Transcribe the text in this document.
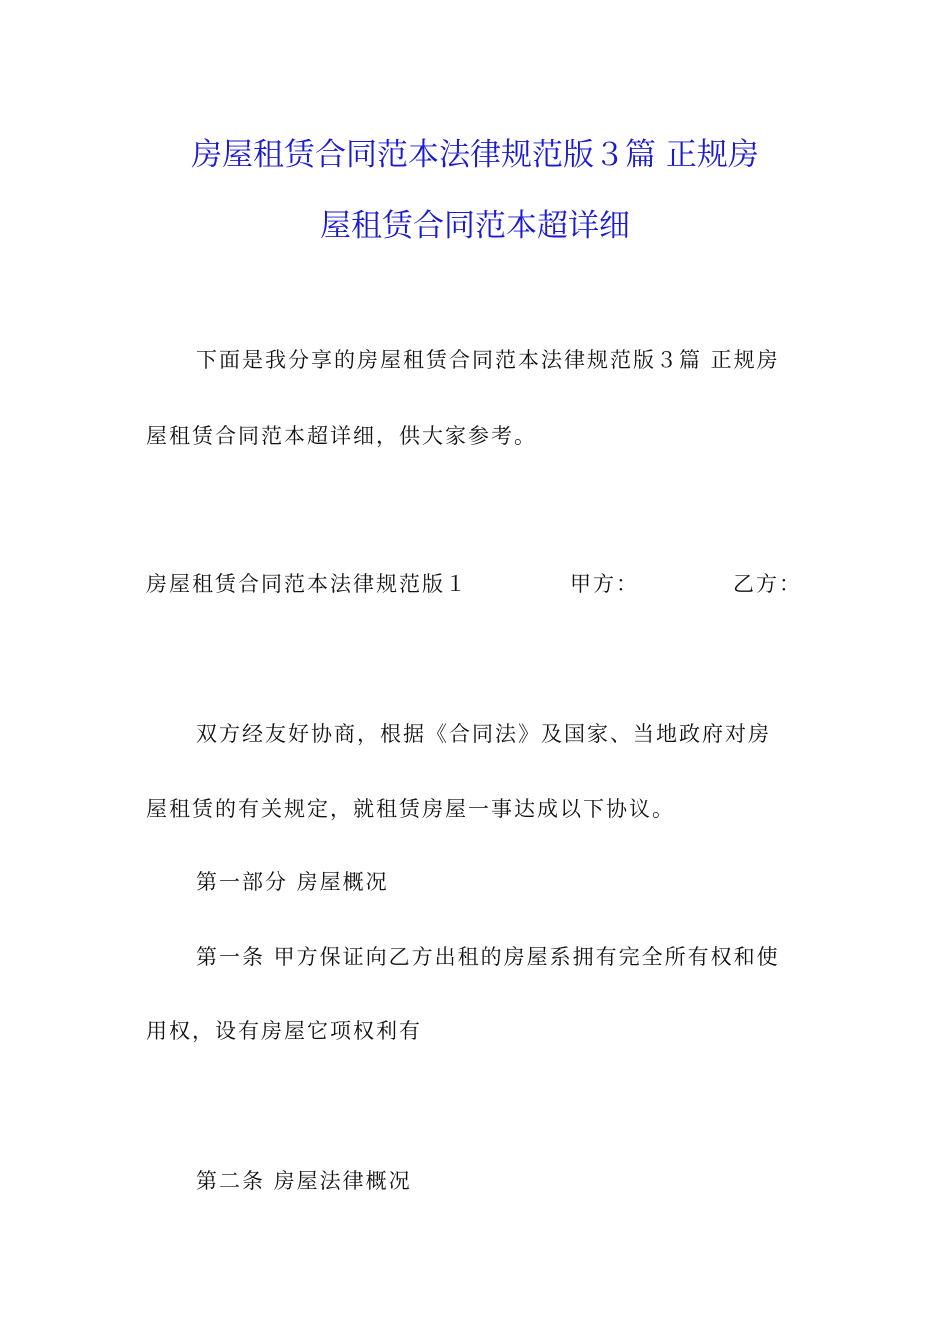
房屋租赁合同范本法律规范版３篇 正规房
屋租赁合同范本超详细
下面是我分享的房屋租赁合同范本法律规范版３篇 正规房
屋租赁合同范本超详细，供大家参考。
房屋租赁合同范本法律规范版１	甲方：	乙方：
双方经友好协商，根据《合同法》及国家、当地政府对房
屋租赁的有关规定，就租赁房屋一事达成以下协议。
第一部分 房屋概况
第一条 甲方保证向乙方出租的房屋系拥有完全所有权和使
用权，设有房屋它项权利有
第二条 房屋法律概况
